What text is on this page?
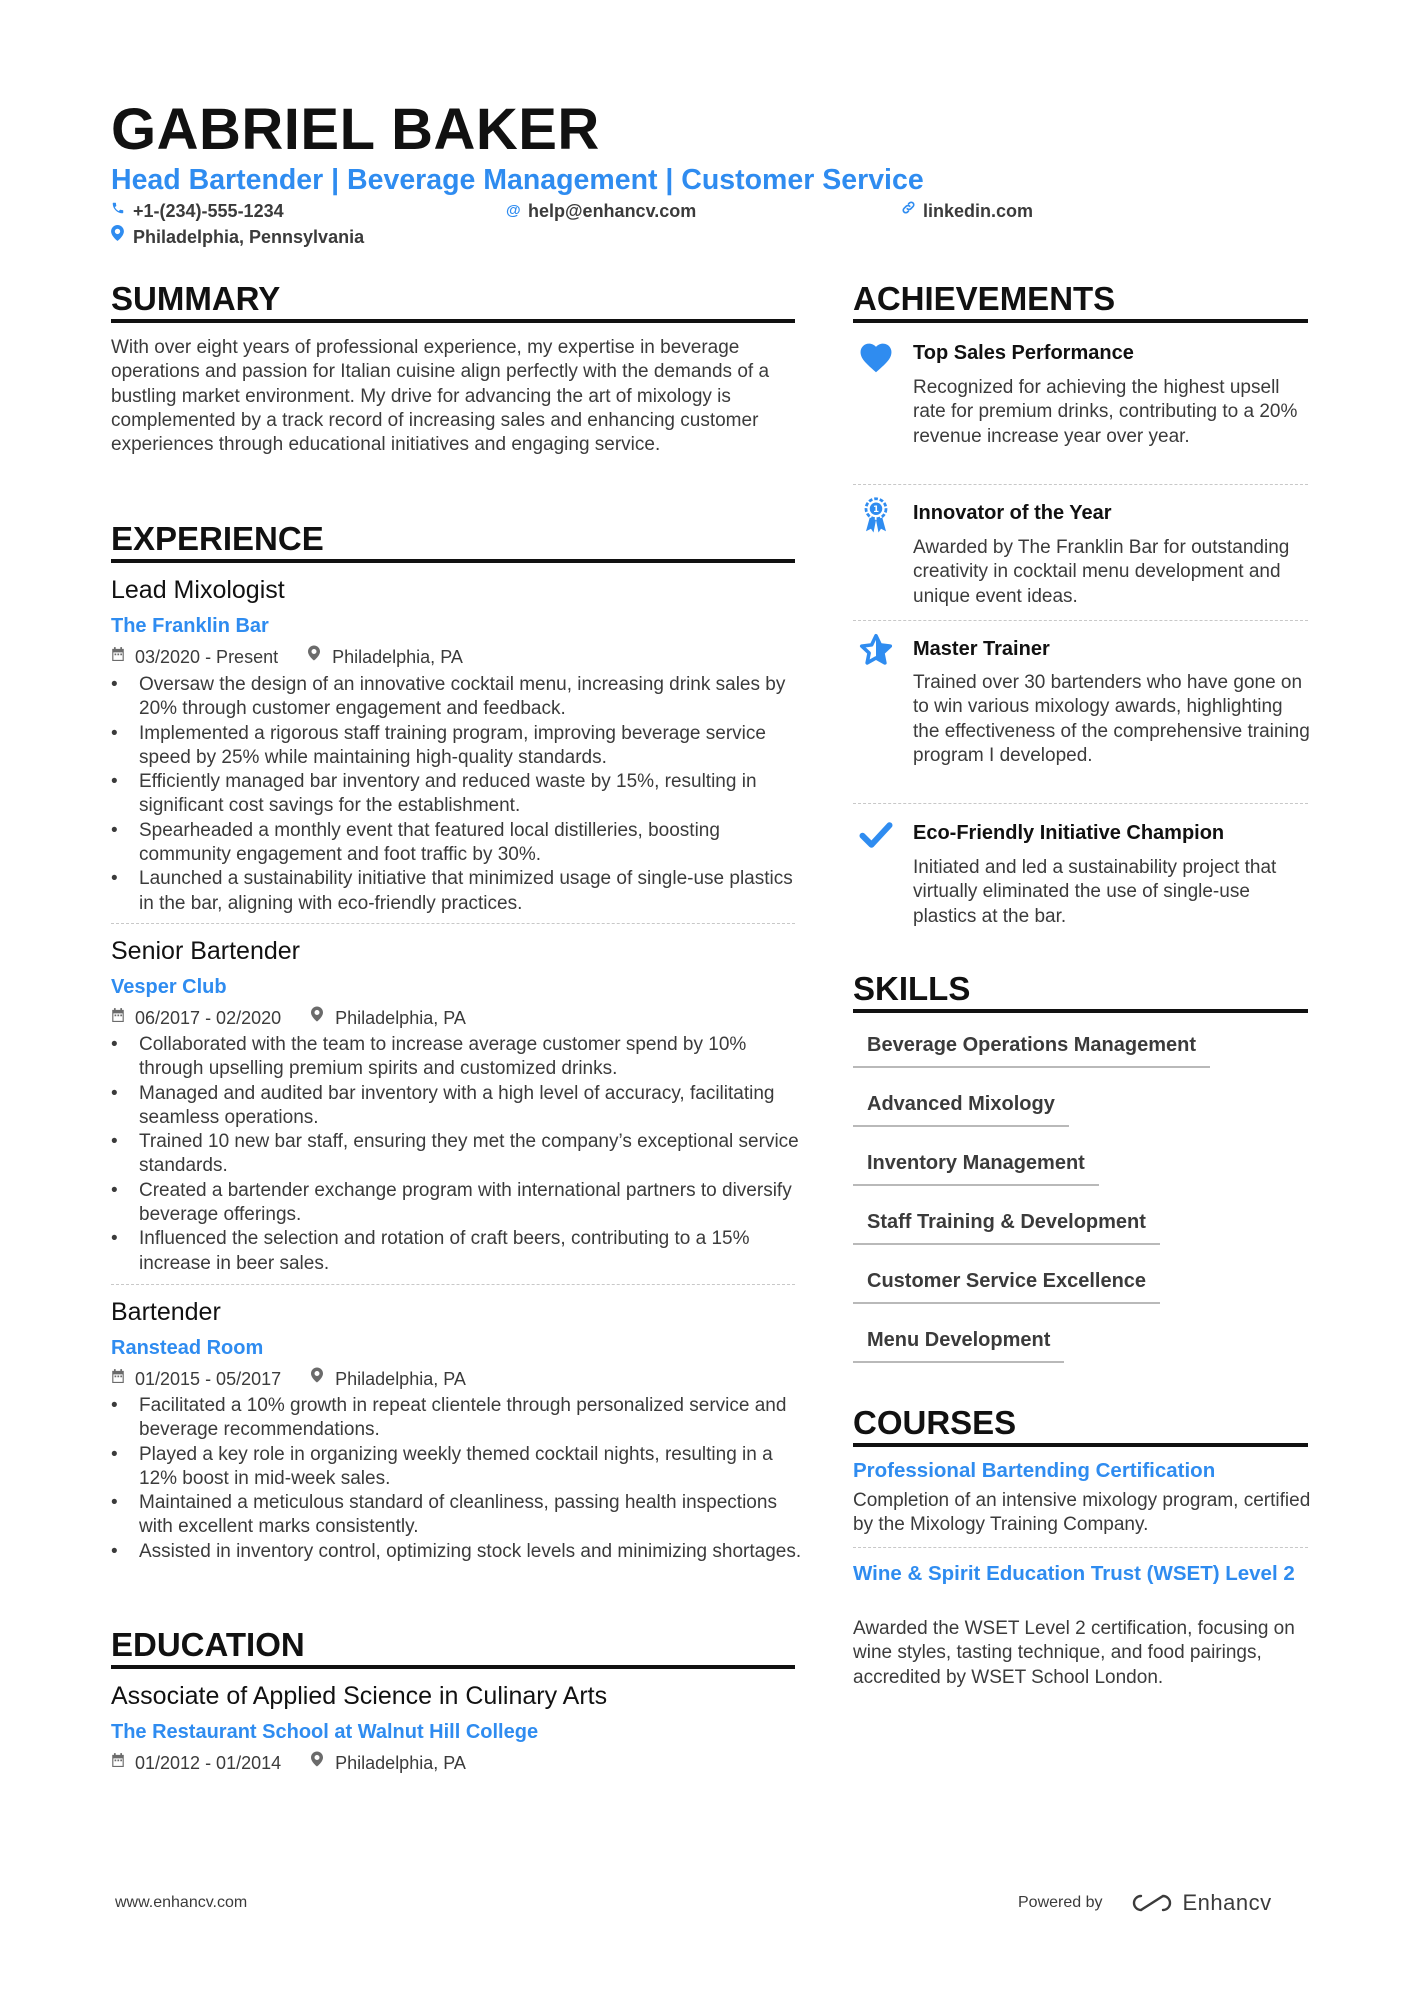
GABRIEL BAKER
Head Bartender | Beverage Management | Customer Service
+1-(234)-555-1234	@ help@enhancv.com	linkedin.com
Philadelphia, Pennsylvania
SUMMARY
With over eight years of professional experience, my expertise in beverage operations and passion for Italian cuisine align perfectly with the demands of a bustling market environment. My drive for advancing the art of mixology is complemented by a track record of increasing sales and enhancing customer experiences through educational initiatives and engaging service.
EXPERIENCE
Lead Mixologist
The Franklin Bar
03/2020 - Present	Philadelphia, PA
• Oversaw the design of an innovative cocktail menu, increasing drink sales by 20% through customer engagement and feedback.
• Implemented a rigorous staff training program, improving beverage service speed by 25% while maintaining high-quality standards.
• Efficiently managed bar inventory and reduced waste by 15%, resulting in significant cost savings for the establishment.
• Spearheaded a monthly event that featured local distilleries, boosting community engagement and foot traffic by 30%.
• Launched a sustainability initiative that minimized usage of single-use plastics in the bar, aligning with eco-friendly practices.
Senior Bartender
Vesper Club
06/2017 - 02/2020	Philadelphia, PA
• Collaborated with the team to increase average customer spend by 10% through upselling premium spirits and customized drinks.
• Managed and audited bar inventory with a high level of accuracy, facilitating seamless operations.
• Trained 10 new bar staff, ensuring they met the company’s exceptional service standards.
• Created a bartender exchange program with international partners to diversify beverage offerings.
• Influenced the selection and rotation of craft beers, contributing to a 15% increase in beer sales.
Bartender
Ranstead Room
01/2015 - 05/2017	Philadelphia, PA
• Facilitated a 10% growth in repeat clientele through personalized service and beverage recommendations.
• Played a key role in organizing weekly themed cocktail nights, resulting in a 12% boost in mid-week sales.
• Maintained a meticulous standard of cleanliness, passing health inspections with excellent marks consistently.
• Assisted in inventory control, optimizing stock levels and minimizing shortages.
EDUCATION
Associate of Applied Science in Culinary Arts
The Restaurant School at Walnut Hill College
01/2012 - 01/2014	Philadelphia, PA
ACHIEVEMENTS
Top Sales Performance
Recognized for achieving the highest upsell rate for premium drinks, contributing to a 20% revenue increase year over year.
1 Innovator of the Year
Awarded by The Franklin Bar for outstanding creativity in cocktail menu development and unique event ideas.
Master Trainer
Trained over 30 bartenders who have gone on to win various mixology awards, highlighting the effectiveness of the comprehensive training program I developed.
Eco-Friendly Initiative Champion
Initiated and led a sustainability project that virtually eliminated the use of single-use plastics at the bar.
SKILLS
Beverage Operations Management
Advanced Mixology
Inventory Management
Staff Training & Development
Customer Service Excellence
Menu Development
COURSES
Professional Bartending Certification
Completion of an intensive mixology program, certified by the Mixology Training Company.
Wine & Spirit Education Trust (WSET) Level 2
Awarded the WSET Level 2 certification, focusing on wine styles, tasting technique, and food pairings, accredited by WSET School London.
www.enhancv.com	Powered by	Enhancv
